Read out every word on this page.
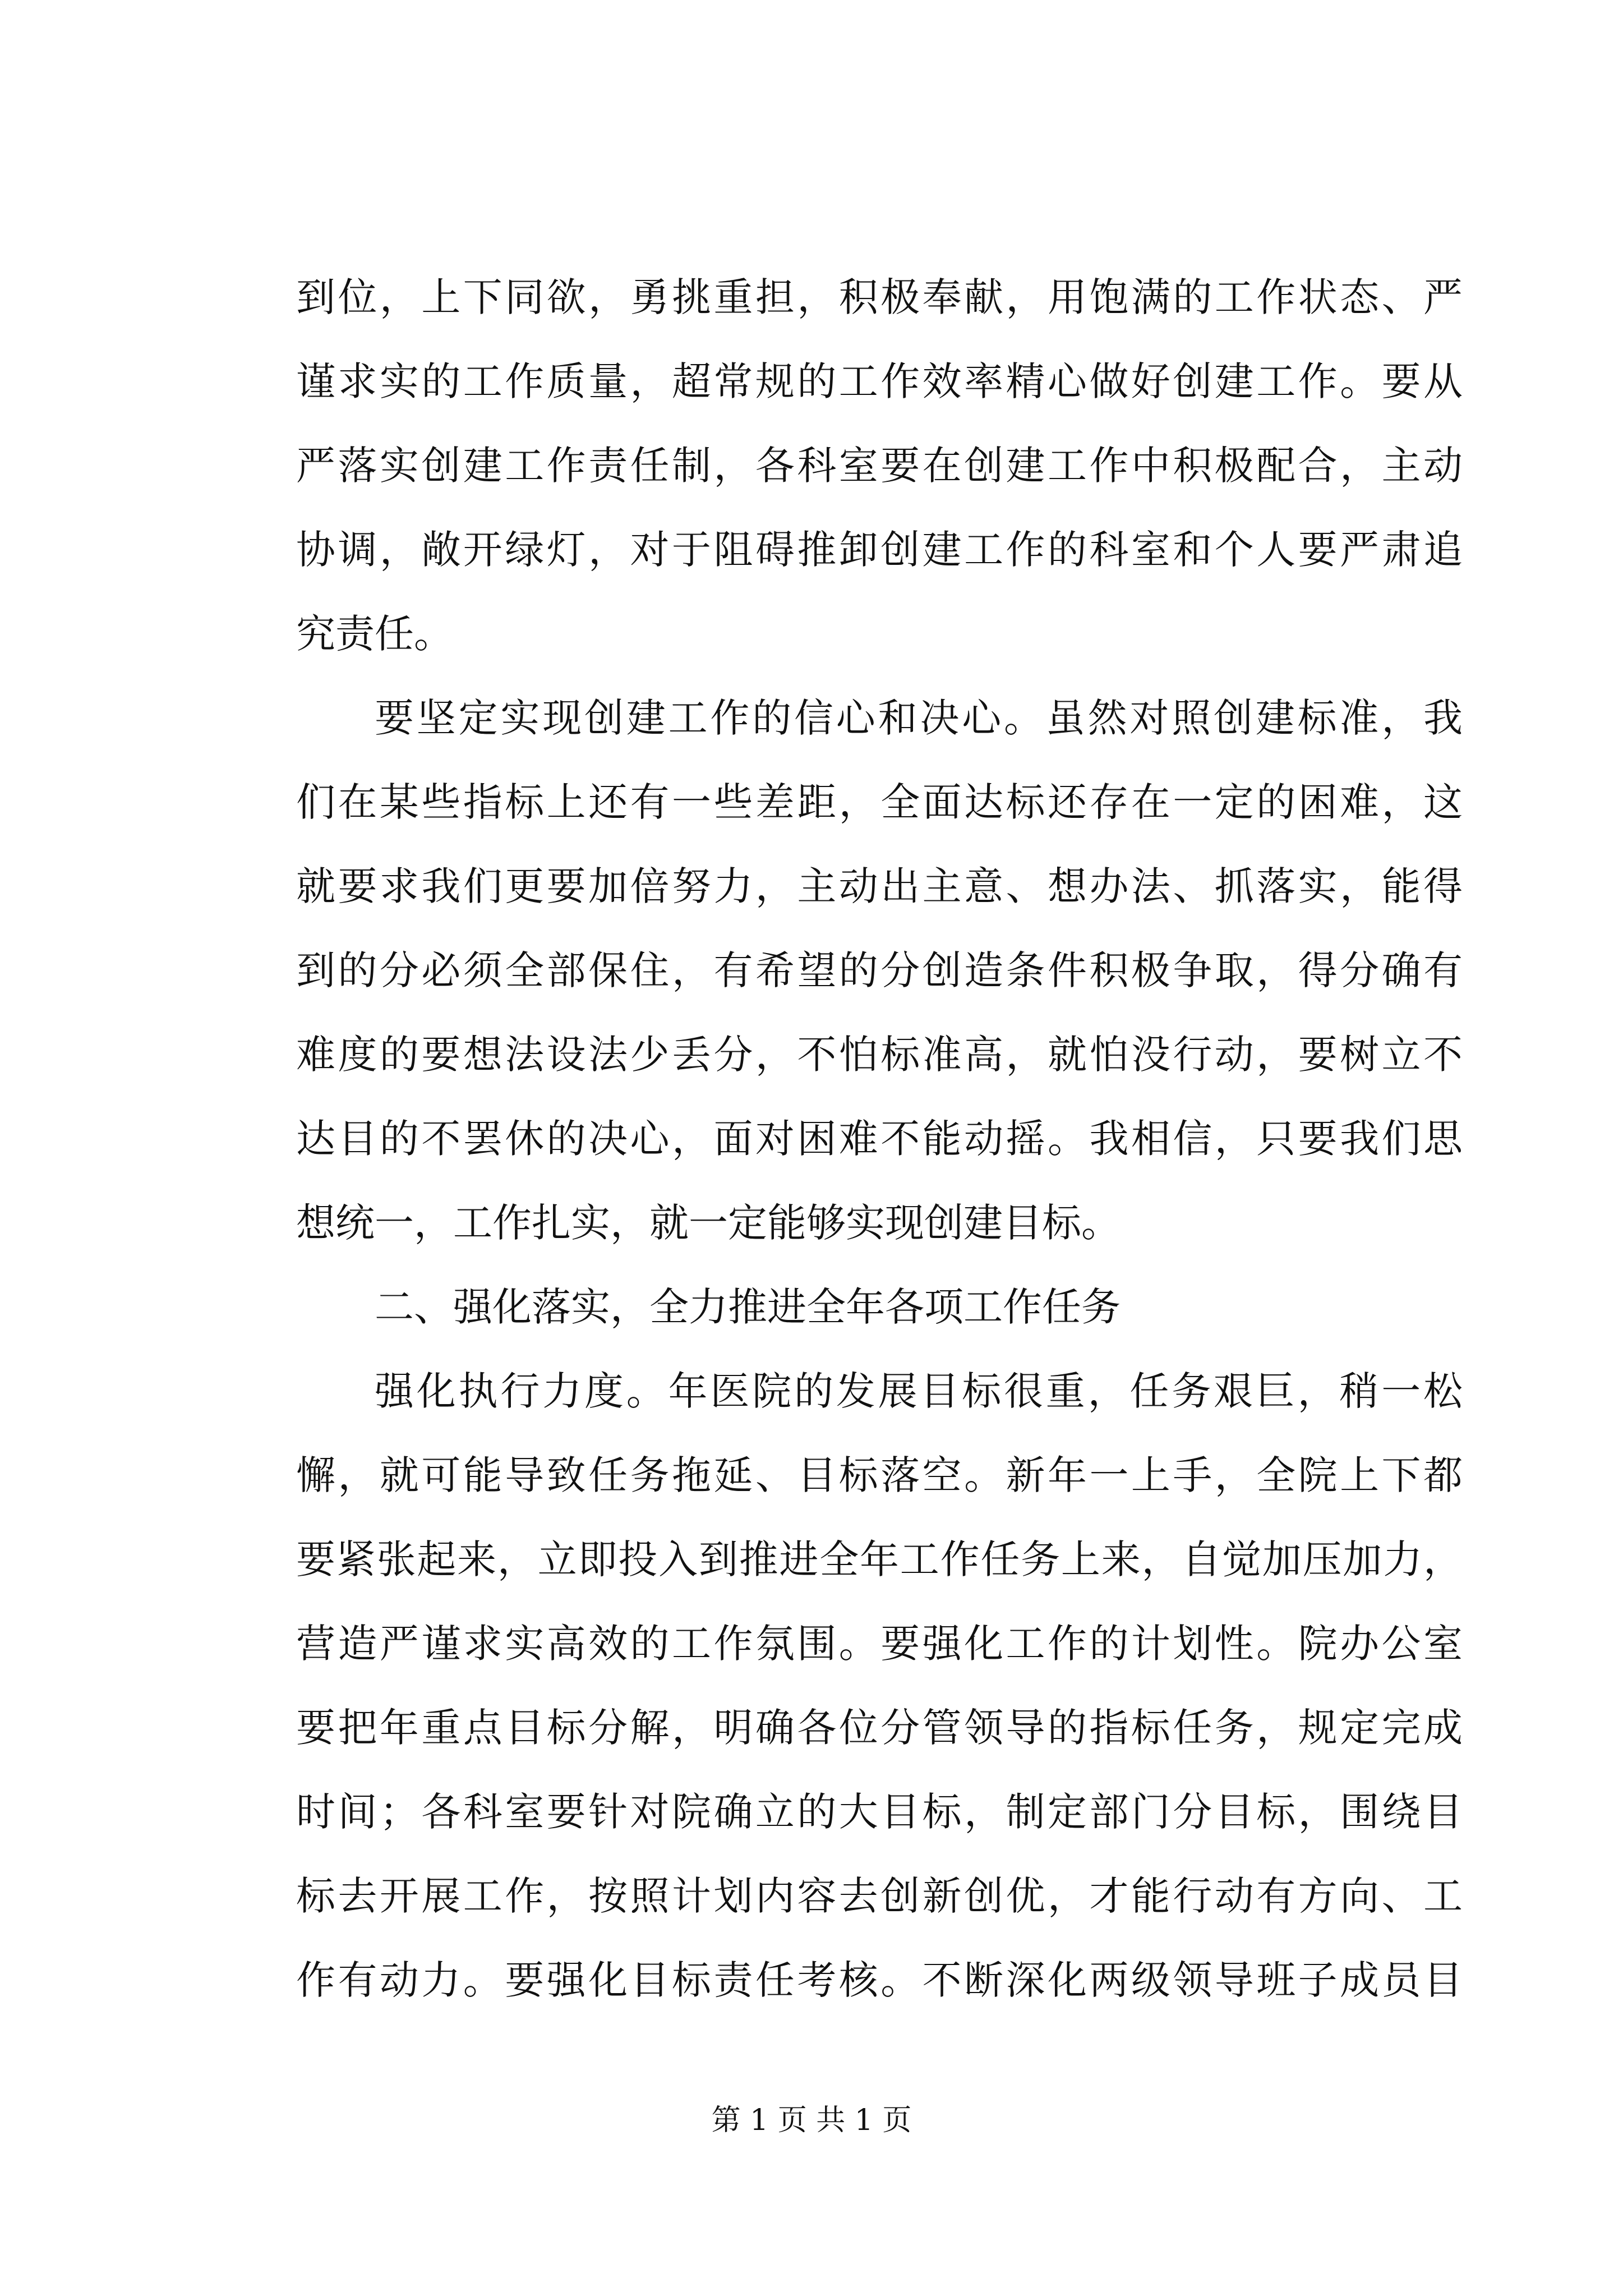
到位，上下同欲，勇挑重担，积极奉献，用饱满的工作状态、严
谨求实的工作质量，超常规的工作效率精心做好创建工作。要从
严落实创建工作责任制，各科室要在创建工作中积极配合，主动
协调，敞开绿灯，对于阻碍推卸创建工作的科室和个人要严肃追
究责任。
要坚定实现创建工作的信心和决心。虽然对照创建标准，我
们在某些指标上还有一些差距，全面达标还存在一定的困难，这
就要求我们更要加倍努力，主动出主意、想办法、抓落实，能得
到的分必须全部保住，有希望的分创造条件积极争取，得分确有
难度的要想法设法少丢分，不怕标准高，就怕没行动，要树立不
达目的不罢休的决心，面对困难不能动摇。我相信，只要我们思
想统一，工作扎实，就一定能够实现创建目标。
二、强化落实，全力推进全年各项工作任务
强化执行力度。年医院的发展目标很重，任务艰巨，稍一松
懈，就可能导致任务拖延、目标落空。新年一上手，全院上下都
要紧张起来，立即投入到推进全年工作任务上来，自觉加压加力，
营造严谨求实高效的工作氛围。要强化工作的计划性。院办公室
要把年重点目标分解，明确各位分管领导的指标任务，规定完成
时间；各科室要针对院确立的大目标，制定部门分目标，围绕目
标去开展工作，按照计划内容去创新创优，才能行动有方向、工
作有动力。要强化目标责任考核。不断深化两级领导班子成员目
第 1 页 共 1 页
